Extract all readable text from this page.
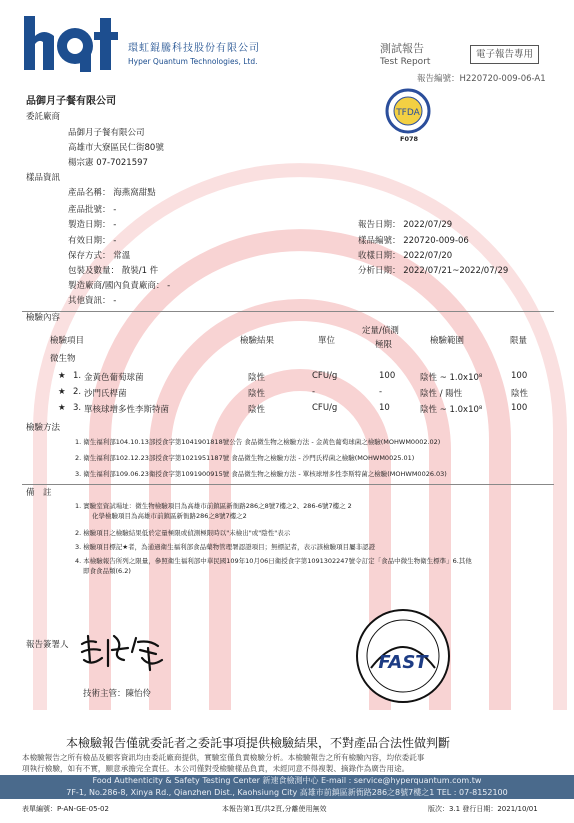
環虹錕騰科技股份有限公司
Hyper Quantum Technologies, Ltd.
測試報告
Test Report
電子報告專用
報告編號：H220720-009-06-A1
TFDA
F078
品御月子餐有限公司
委託廠商
品御月子餐有限公司
高雄市大寮區民仁街80號
楊宗憲 07-7021597
樣品資訊
產品名稱： 海燕窩甜點
產品批號： -
製造日期： -
有效日期： -
保存方式： 常溫
包裝及數量： 散裝/1 件
製造廠商/國內負責廠商： -
其他資訊： -
報告日期： 2022/07/29
樣品編號： 220720-009-06
收樣日期： 2022/07/20
分析日期： 2022/07/21~2022/07/29
檢驗內容
檢驗項目	檢驗結果	單位
定量/偵測
極限	檢驗範圍	限量
微生物
★ 1. 金黃色葡萄球菌	陰性	CFU/g	100	陰性 ~ 1.0x10⁸	100
★ 2. 沙門氏桿菌	陰性	-	-	陰性 / 陽性	陰性
★ 3. 單核球增多性李斯特菌	陰性	CFU/g	10	陰性 ~ 1.0x10⁸	100
檢驗方法
1. 衛生福利部104.10.13部授食字第1041901818號公告 食品微生物之檢驗方法 - 金黃色葡萄球菌之檢驗(MOHWM0002.02)
2. 衛生福利部102.12.23部授食字第1021951187號 食品微生物之檢驗方法 - 沙門氏桿菌之檢驗(MOHWM0025.01)
3. 衛生福利部109.06.23衛授食字第1091900915號 食品微生物之檢驗方法 - 單核球增多性李斯特菌之檢驗(MOHWM0026.03)
備　註
1. 實驗室資試場址：微生物檢驗項目為高雄市前鎮區新衙路286之8號7樓之2、286-6號7樓之 2
化學檢驗項目為高雄市前鎮區新衙路286之8號7樓之2
2. 檢驗項目之檢驗結果低於定量極限或偵測極限時以"未檢出"或"陰性"表示
3. 檢驗項目標記★者，為通過衛生福利部食品藥物管理署認證項目；無標記者，表示該檢驗項目屬非認證
4. 本檢驗報告所列之限量，參照衛生福利部中華民國109年10月06日衛授食字第1091302247號令訂定「食品中微生物衛生標準」6.其他
即食食品類(6.2)
報告簽署人
技術主管：陳怡伶
FAST
本檢驗報告僅就委託者之委託事項提供檢驗結果，不對產品合法性做判斷
本檢驗報告之所有檢品及顧客資訊均由委託廠商提供，實驗室僅負責檢驗分析。本檢驗報告之所有檢驗內容，均依委託事
項執行檢驗，如有不實，願意承擔完全責任。本公司僅對受檢驗樣品負責，未經同意不得複製、摘錄作為廣告用途。
Food Authenticity & Safety Testing Center 新速食檢測中心 E-mail : service@hyperquantum.com.tw
7F-1, No.286-8, Xinya Rd., Qianzhen Dist., Kaohsiung City 高雄市前鎮區新衙路286之8號7樓之1 TEL : 07-8152100
表單編號：P-AN-GE-05-02	本報告第1頁/共2頁,分離使用無效	版次：3.1 發行日期：2021/10/01
